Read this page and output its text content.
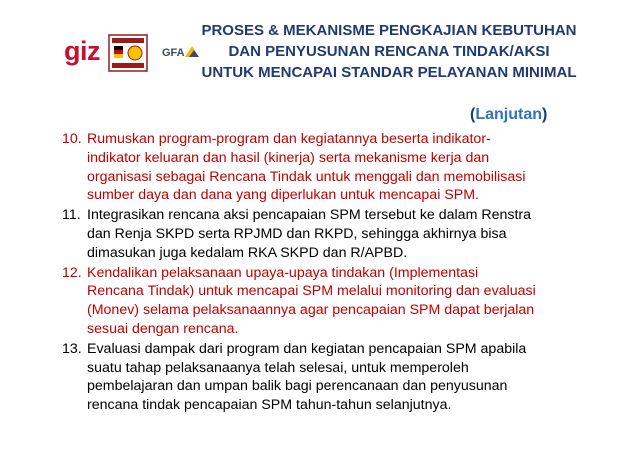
giz	GFA
PROSES & MEKANISME PENGKAJIAN KEBUTUHAN
DAN PENYUSUNAN RENCANA TINDAK/AKSI
UNTUK MENCAPAI STANDAR PELAYANAN MINIMAL
(Lanjutan)
10. Rumuskan program-program dan kegiatannya beserta indikator-
indikator keluaran dan hasil (kinerja) serta mekanisme kerja dan
organisasi sebagai Rencana Tindak untuk menggali dan memobilisasi
sumber daya dan dana yang diperlukan untuk mencapai SPM.
11. Integrasikan rencana aksi pencapaian SPM tersebut ke dalam Renstra
dan Renja SKPD serta RPJMD dan RKPD, sehingga akhirnya bisa
dimasukan juga kedalam RKA SKPD dan R/APBD.
12. Kendalikan pelaksanaan upaya-upaya tindakan (Implementasi
Rencana Tindak) untuk mencapai SPM melalui monitoring dan evaluasi
(Monev) selama pelaksanaannya agar pencapaian SPM dapat berjalan
sesuai dengan rencana.
13. Evaluasi dampak dari program dan kegiatan pencapaian SPM apabila
suatu tahap pelaksanaanya telah selesai, untuk memperoleh
pembelajaran dan umpan balik bagi perencanaan dan penyusunan
rencana tindak pencapaian SPM tahun-tahun selanjutnya.
